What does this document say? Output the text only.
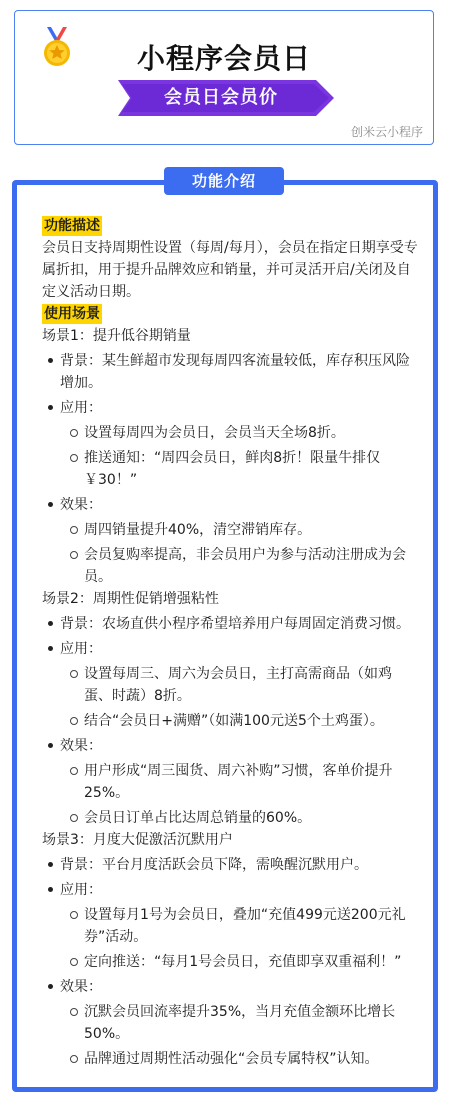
小程序会员日
创米云小程序
会员日会员价
功能介绍
功能描述
会员日支持周期性设置（每周/每月），会员在指定日期享受专属折扣，用于提升品牌效应和销量，并可灵活开启/关闭及自定义活动日期。
使用场景
场景1：提升低谷期销量
背景：某生鲜超市发现每周四客流量较低，库存积压风险增加。
应用：
设置每周四为会员日，会员当天全场8折。
推送通知：“周四会员日，鲜肉8折！限量牛排仅￥30！”
效果：
周四销量提升40%，清空滞销库存。
会员复购率提高，非会员用户为参与活动注册成为会员。
场景2：周期性促销增强粘性
背景：农场直供小程序希望培养用户每周固定消费习惯。
应用：
设置每周三、周六为会员日，主打高需商品（如鸡蛋、时蔬）8折。
结合“会员日+满赠”（如满100元送5个土鸡蛋）。
效果：
用户形成“周三囤货、周六补购”习惯，客单价提升25%。
会员日订单占比达周总销量的60%。
场景3：月度大促激活沉默用户
背景：平台月度活跃会员下降，需唤醒沉默用户。
应用：
设置每月1号为会员日，叠加“充值499元送200元礼券”活动。
定向推送：“每月1号会员日，充值即享双重福利！”
效果：
沉默会员回流率提升35%，当月充值金额环比增长50%。
品牌通过周期性活动强化“会员专属特权”认知。
